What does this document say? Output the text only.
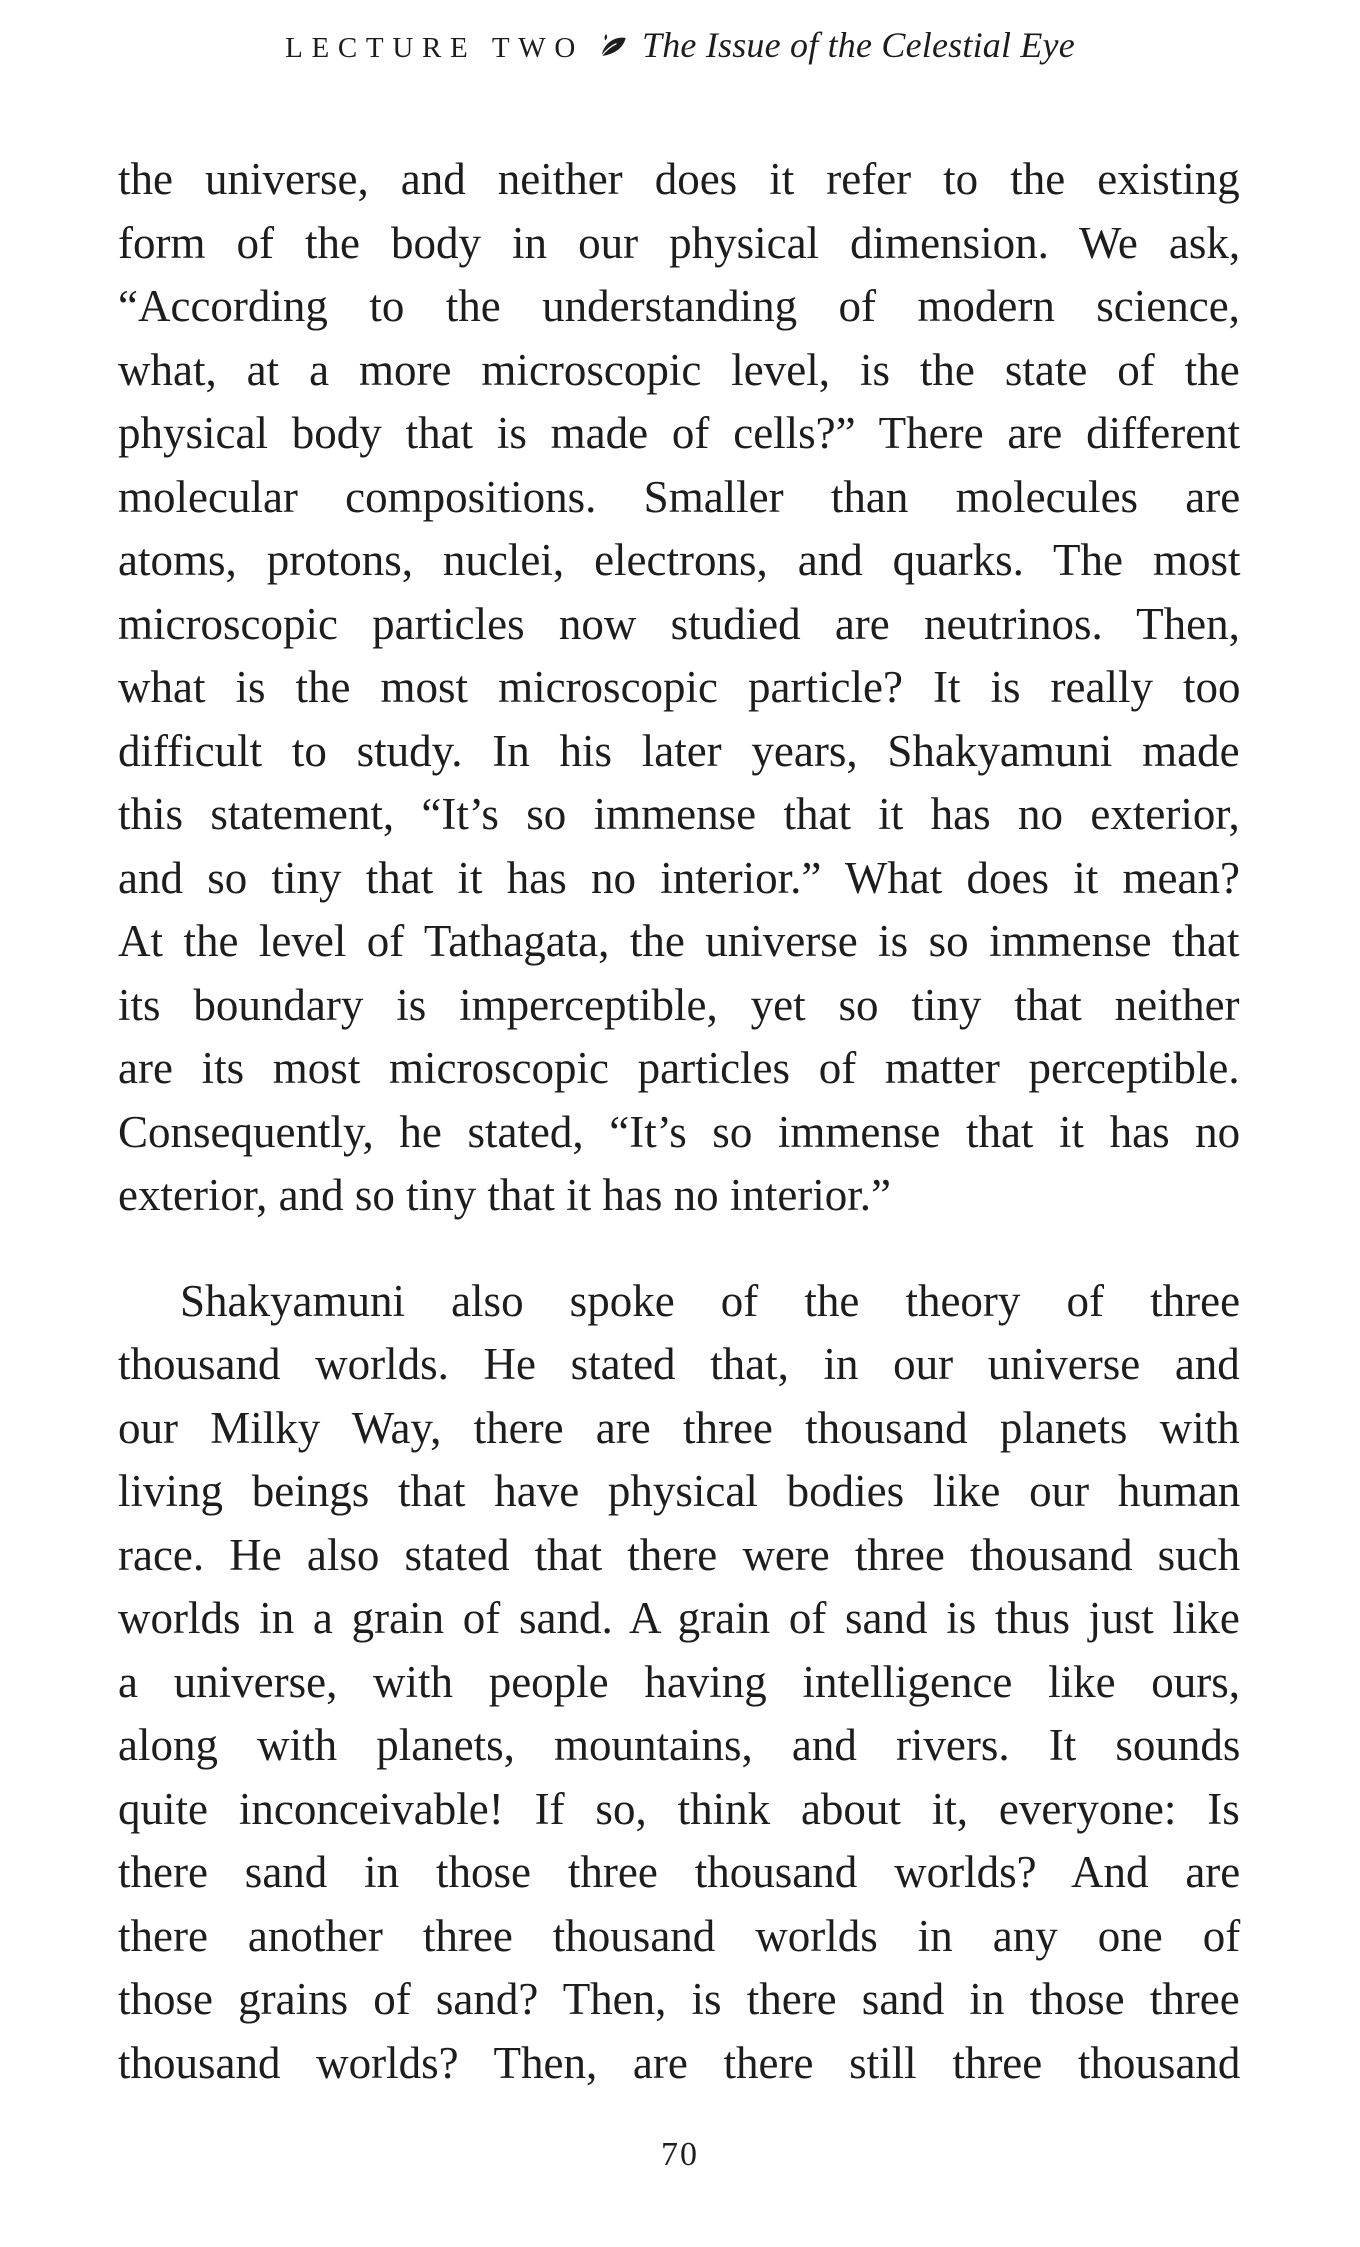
LECTURE TWO The Issue of the Celestial Eye
the universe, and neither does it refer to the existing
form of the body in our physical dimension. We ask,
“According to the understanding of modern science,
what, at a more microscopic level, is the state of the
physical body that is made of cells?” There are different
molecular compositions. Smaller than molecules are
atoms, protons, nuclei, electrons, and quarks. The most
microscopic particles now studied are neutrinos. Then,
what is the most microscopic particle? It is really too
difficult to study. In his later years, Shakyamuni made
this statement, “It’s so immense that it has no exterior,
and so tiny that it has no interior.” What does it mean?
At the level of Tathagata, the universe is so immense that
its boundary is imperceptible, yet so tiny that neither
are its most microscopic particles of matter perceptible.
Consequently, he stated, “It’s so immense that it has no
exterior, and so tiny that it has no interior.”
Shakyamuni also spoke of the theory of three
thousand worlds. He stated that, in our universe and
our Milky Way, there are three thousand planets with
living beings that have physical bodies like our human
race. He also stated that there were three thousand such
worlds in a grain of sand. A grain of sand is thus just like
a universe, with people having intelligence like ours,
along with planets, mountains, and rivers. It sounds
quite inconceivable! If so, think about it, everyone: Is
there sand in those three thousand worlds? And are
there another three thousand worlds in any one of
those grains of sand? Then, is there sand in those three
thousand worlds? Then, are there still three thousand
70
